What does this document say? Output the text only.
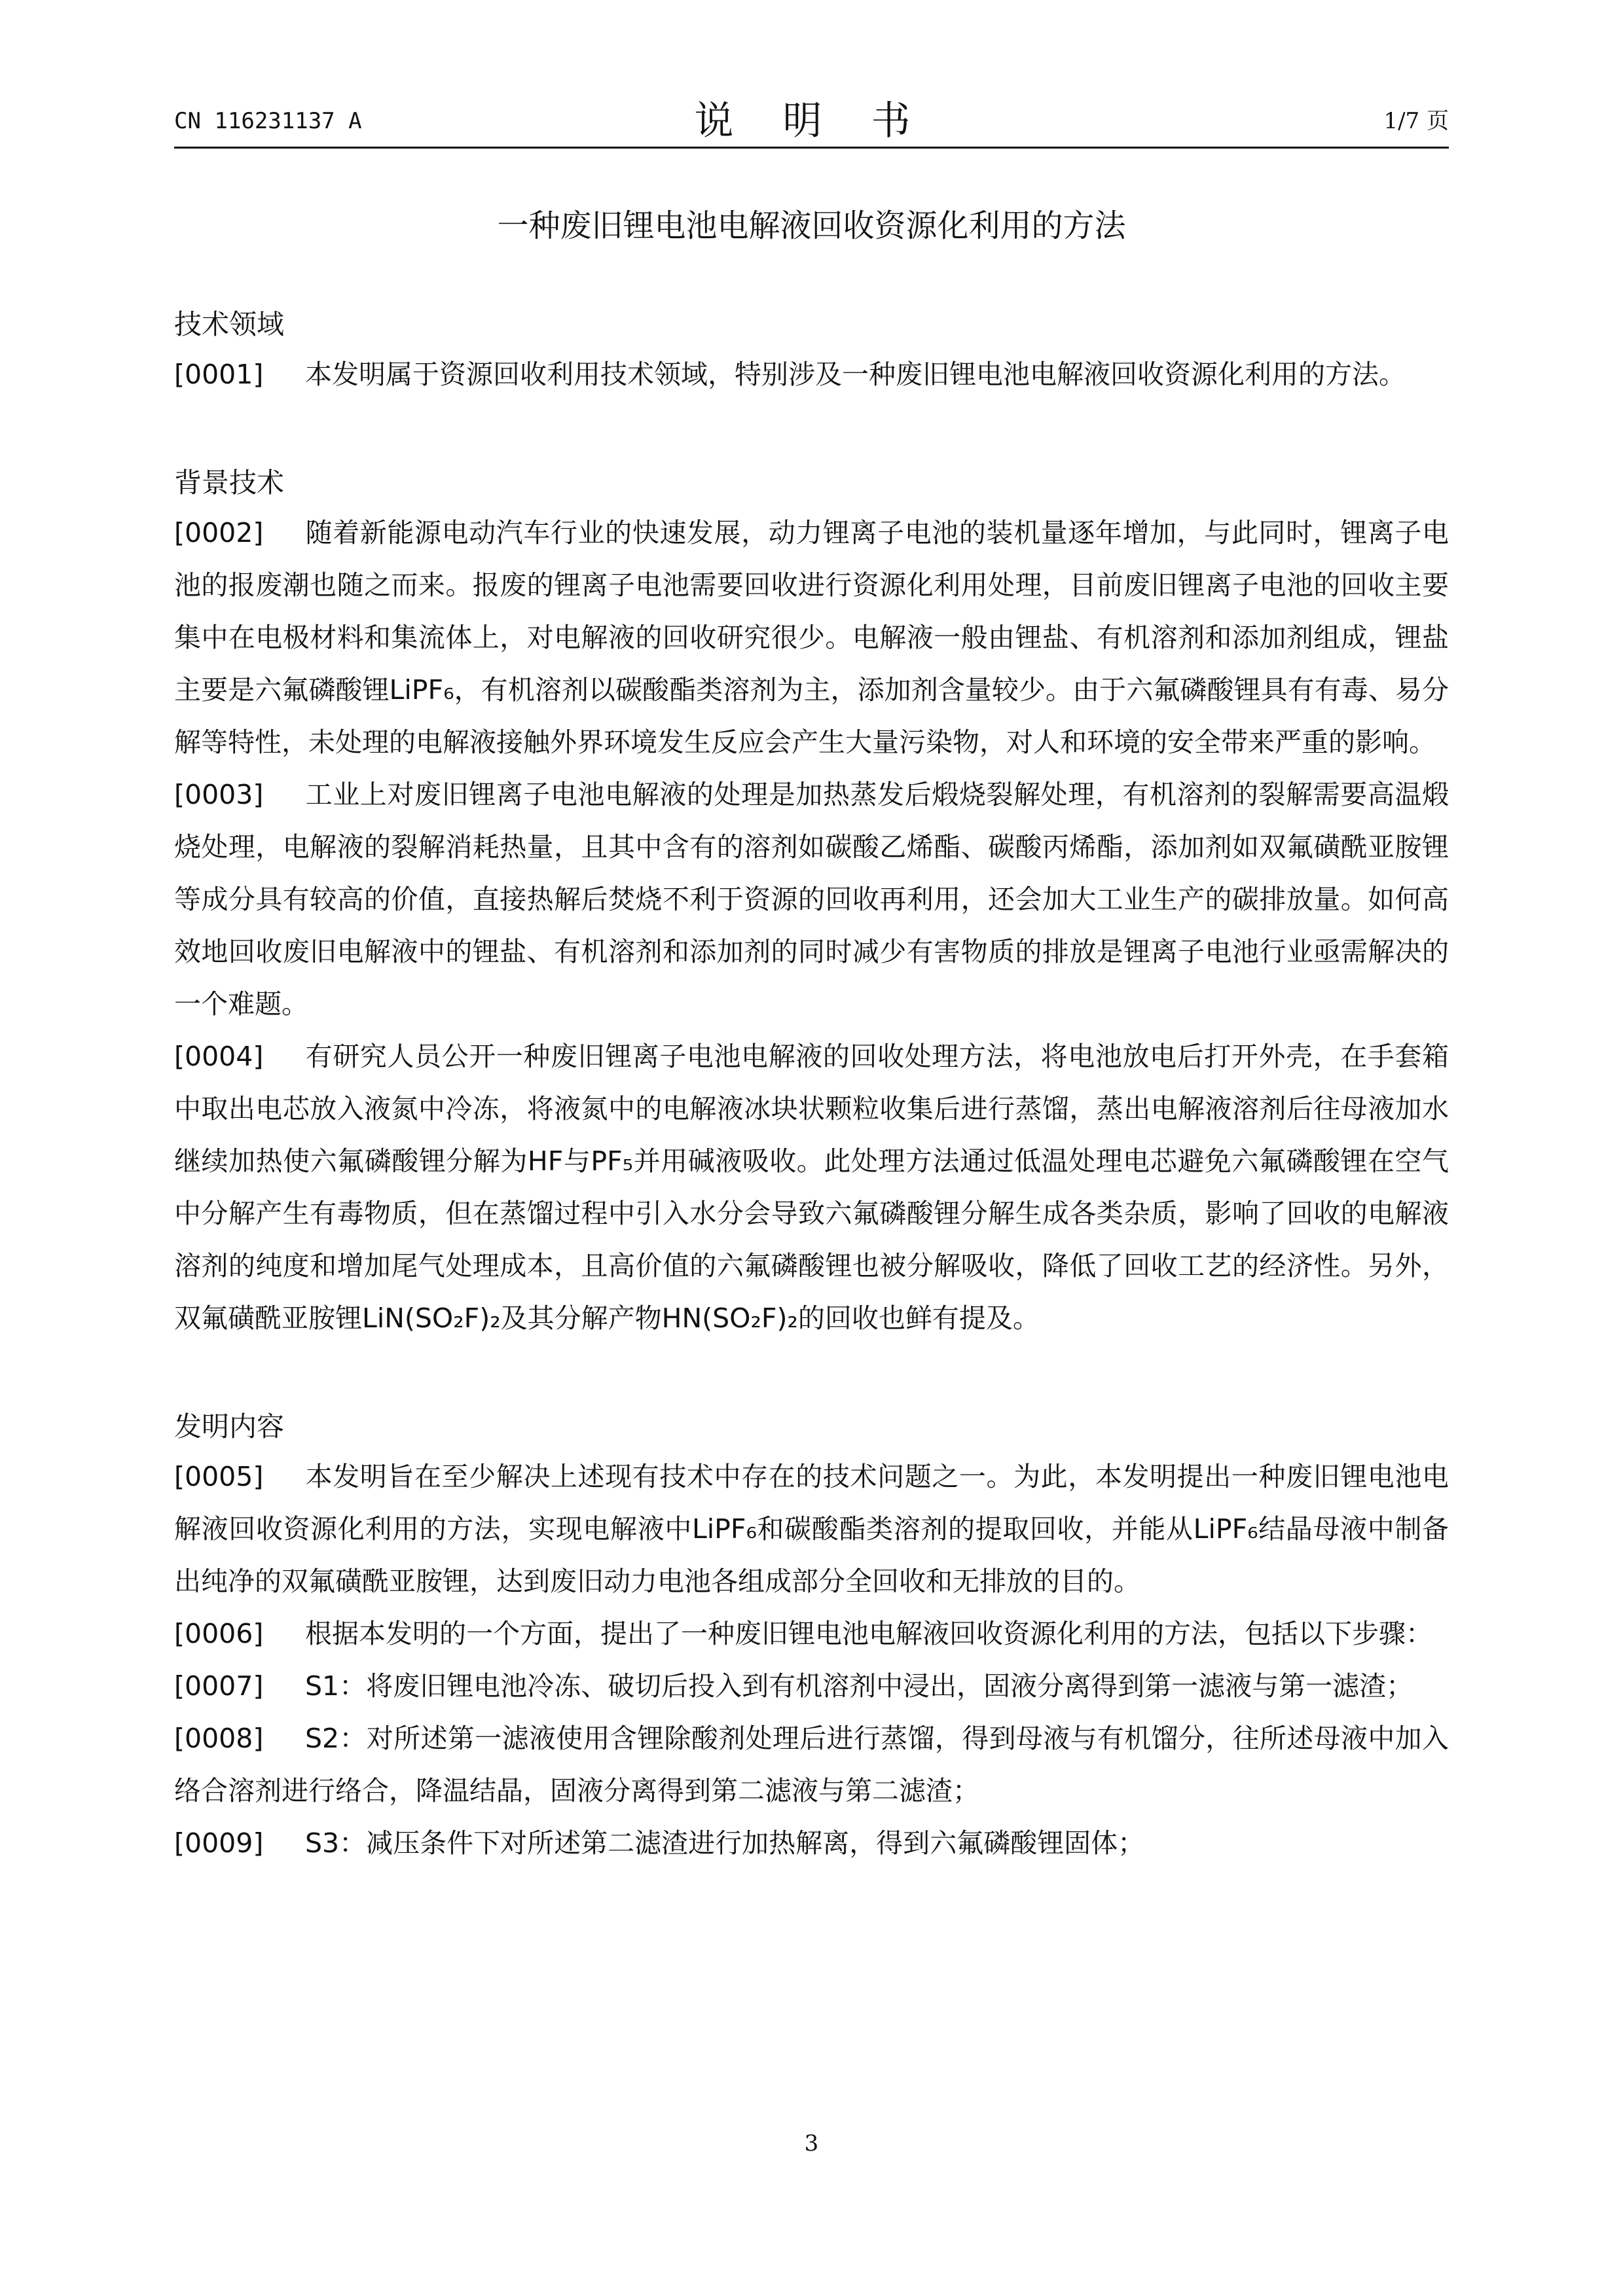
CN 116231137 A	说 明 书	1/7 页
一种废旧锂电池电解液回收资源化利用的方法
技术领域
[0001] 本发明属于资源回收利用技术领域，特别涉及一种废旧锂电池电解液回收资源化利用的方法。
背景技术
[0002] 随着新能源电动汽车行业的快速发展，动力锂离子电池的装机量逐年增加，与此同时，锂离子电池的报废潮也随之而来。报废的锂离子电池需要回收进行资源化利用处理，目前废旧锂离子电池的回收主要集中在电极材料和集流体上，对电解液的回收研究很少。电解液一般由锂盐、有机溶剂和添加剂组成，锂盐主要是六氟磷酸锂LiPF₆，有机溶剂以碳酸酯类溶剂为主，添加剂含量较少。由于六氟磷酸锂具有有毒、易分解等特性，未处理的电解液接触外界环境发生反应会产生大量污染物，对人和环境的安全带来严重的影响。
[0003] 工业上对废旧锂离子电池电解液的处理是加热蒸发后煅烧裂解处理，有机溶剂的裂解需要高温煅烧处理，电解液的裂解消耗热量，且其中含有的溶剂如碳酸乙烯酯、碳酸丙烯酯，添加剂如双氟磺酰亚胺锂等成分具有较高的价值，直接热解后焚烧不利于资源的回收再利用，还会加大工业生产的碳排放量。如何高效地回收废旧电解液中的锂盐、有机溶剂和添加剂的同时减少有害物质的排放是锂离子电池行业亟需解决的一个难题。
[0004] 有研究人员公开一种废旧锂离子电池电解液的回收处理方法，将电池放电后打开外壳，在手套箱中取出电芯放入液氮中冷冻，将液氮中的电解液冰块状颗粒收集后进行蒸馏，蒸出电解液溶剂后往母液加水继续加热使六氟磷酸锂分解为HF与PF₅并用碱液吸收。此处理方法通过低温处理电芯避免六氟磷酸锂在空气中分解产生有毒物质，但在蒸馏过程中引入水分会导致六氟磷酸锂分解生成各类杂质，影响了回收的电解液溶剂的纯度和增加尾气处理成本，且高价值的六氟磷酸锂也被分解吸收，降低了回收工艺的经济性。另外，双氟磺酰亚胺锂LiN(SO₂F)₂及其分解产物HN(SO₂F)₂的回收也鲜有提及。
发明内容
[0005] 本发明旨在至少解决上述现有技术中存在的技术问题之一。为此，本发明提出一种废旧锂电池电解液回收资源化利用的方法，实现电解液中LiPF₆和碳酸酯类溶剂的提取回收，并能从LiPF₆结晶母液中制备出纯净的双氟磺酰亚胺锂，达到废旧动力电池各组成部分全回收和无排放的目的。
[0006] 根据本发明的一个方面，提出了一种废旧锂电池电解液回收资源化利用的方法，包括以下步骤：
[0007] S1：将废旧锂电池冷冻、破切后投入到有机溶剂中浸出，固液分离得到第一滤液与第一滤渣；
[0008] S2：对所述第一滤液使用含锂除酸剂处理后进行蒸馏，得到母液与有机馏分，往所述母液中加入络合溶剂进行络合，降温结晶，固液分离得到第二滤液与第二滤渣；
[0009] S3：减压条件下对所述第二滤渣进行加热解离，得到六氟磷酸锂固体；
3
